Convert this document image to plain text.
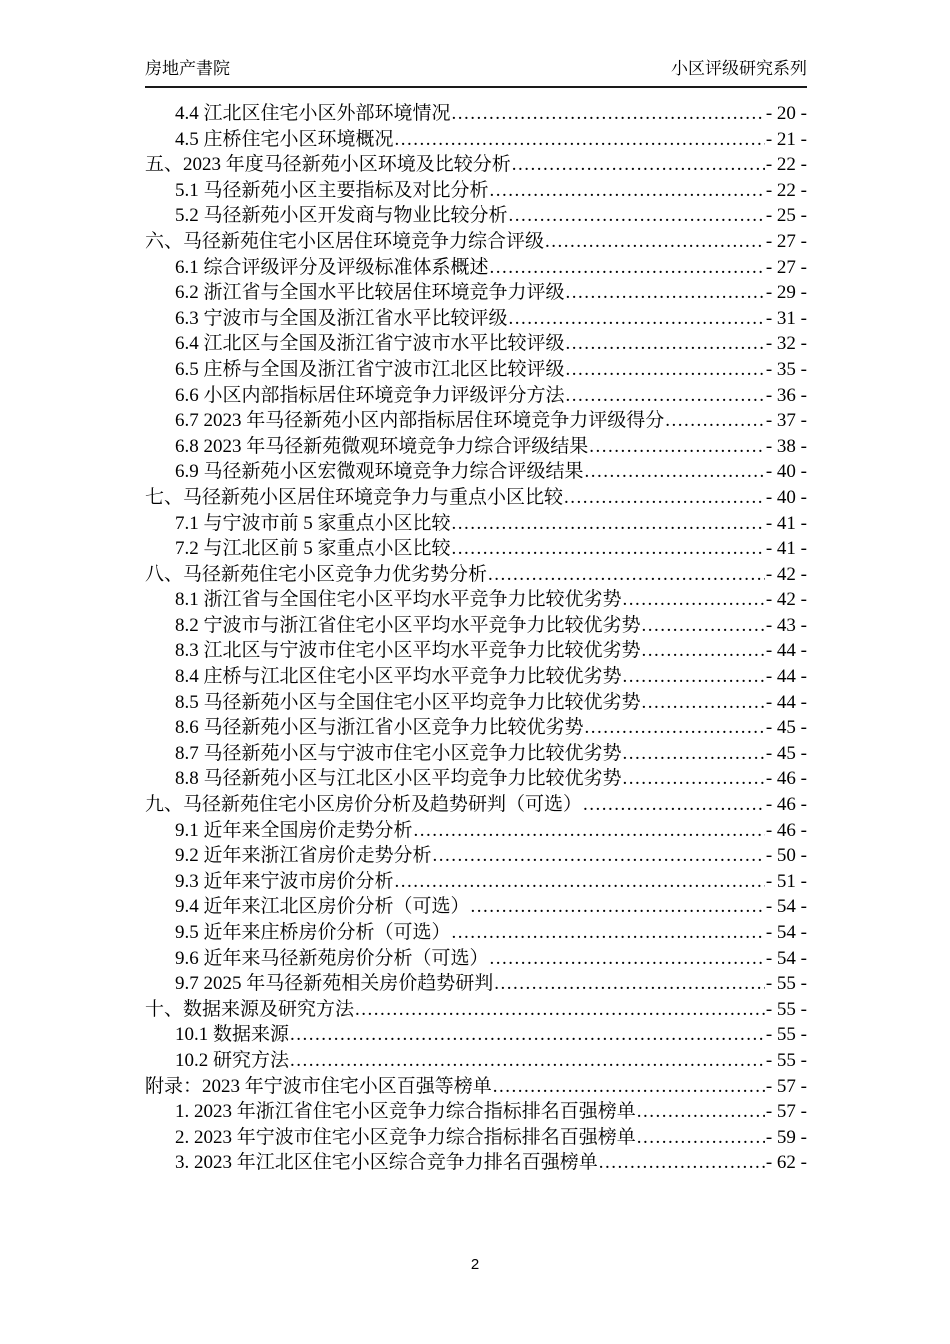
房地产書院	小区评级研究系列
4.4 江北区住宅小区外部环境情况 .....	- 20 -
4.5 庄桥住宅小区环境概况 .....	- 21 -
五、2023 年度马径新苑小区环境及比较分析 .....	- 22 -
5.1 马径新苑小区主要指标及对比分析 .....	- 22 -
5.2 马径新苑小区开发商与物业比较分析 .....	- 25 -
六、马径新苑住宅小区居住环境竞争力综合评级 .....	- 27 -
6.1 综合评级评分及评级标准体系概述 .....	- 27 -
6.2 浙江省与全国水平比较居住环境竞争力评级 .....	- 29 -
6.3 宁波市与全国及浙江省水平比较评级 .....	- 31 -
6.4 江北区与全国及浙江省宁波市水平比较评级 .....	- 32 -
6.5 庄桥与全国及浙江省宁波市江北区比较评级 .....	- 35 -
6.6 小区内部指标居住环境竞争力评级评分方法 .....	- 36 -
6.7 2023 年马径新苑小区内部指标居住环境竞争力评级得分 .....	- 37 -
6.8 2023 年马径新苑微观环境竞争力综合评级结果 .....	- 38 -
6.9 马径新苑小区宏微观环境竞争力综合评级结果 .....	- 40 -
七、马径新苑小区居住环境竞争力与重点小区比较 .....	- 40 -
7.1 与宁波市前 5 家重点小区比较 .....	- 41 -
7.2 与江北区前 5 家重点小区比较 .....	- 41 -
八、马径新苑住宅小区竞争力优劣势分析 .....	- 42 -
8.1 浙江省与全国住宅小区平均水平竞争力比较优劣势 .....	- 42 -
8.2 宁波市与浙江省住宅小区平均水平竞争力比较优劣势 .....	- 43 -
8.3 江北区与宁波市住宅小区平均水平竞争力比较优劣势 .....	- 44 -
8.4 庄桥与江北区住宅小区平均水平竞争力比较优劣势 .....	- 44 -
8.5 马径新苑小区与全国住宅小区平均竞争力比较优劣势 .....	- 44 -
8.6 马径新苑小区与浙江省小区竞争力比较优劣势 .....	- 45 -
8.7 马径新苑小区与宁波市住宅小区竞争力比较优劣势 .....	- 45 -
8.8 马径新苑小区与江北区小区平均竞争力比较优劣势 .....	- 46 -
九、马径新苑住宅小区房价分析及趋势研判（可选） .....	- 46 -
9.1 近年来全国房价走势分析 .....	- 46 -
9.2 近年来浙江省房价走势分析 .....	- 50 -
9.3 近年来宁波市房价分析 .....	- 51 -
9.4 近年来江北区房价分析（可选） .....	- 54 -
9.5 近年来庄桥房价分析（可选） .....	- 54 -
9.6 近年来马径新苑房价分析（可选） .....	- 54 -
9.7 2025 年马径新苑相关房价趋势研判 .....	- 55 -
十、数据来源及研究方法 .....	- 55 -
10.1 数据来源 .....	- 55 -
10.2 研究方法 .....	- 55 -
附录：2023 年宁波市住宅小区百强等榜单 .....	- 57 -
1. 2023 年浙江省住宅小区竞争力综合指标排名百强榜单 .....	- 57 -
2. 2023 年宁波市住宅小区竞争力综合指标排名百强榜单 .....	- 59 -
3. 2023 年江北区住宅小区综合竞争力排名百强榜单 .....	- 62 -
2
